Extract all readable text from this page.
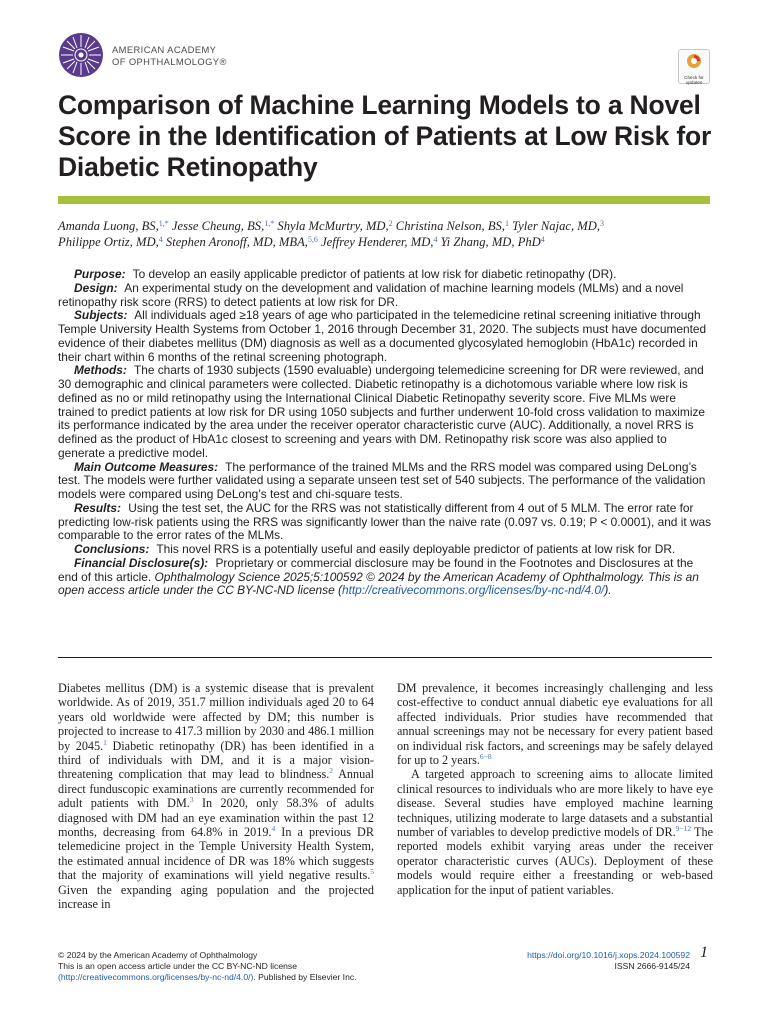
AMERICAN ACADEMY
OF OPHTHALMOLOGY®
Check for updates
Comparison of Machine Learning Models to a Novel Score in the Identification of Patients at Low Risk for Diabetic Retinopathy

Amanda Luong, BS,$^{1,*}$ Jesse Cheung, BS,$^{1,*}$ Shyla McMurtry, MD,$^2$ Christina Nelson, BS,$^1$ Tyler Najac, MD,$^3$
Philippe Ortiz, MD,$^4$ Stephen Aronoff, MD, MBA,$^{5,6}$ Jeffrey Henderer, MD,$^4$ Yi Zhang, MD, PhD$^4$

Purpose: To develop an easily applicable predictor of patients at low risk for diabetic retinopathy (DR).

Design: An experimental study on the development and validation of machine learning models (MLMs) and a novel retinopathy risk score (RRS) to detect patients at low risk for DR.

Subjects: All individuals aged ≥18 years of age who participated in the telemedicine retinal screening initiative through Temple University Health Systems from October 1, 2016 through December 31, 2020. The subjects must have documented evidence of their diabetes mellitus (DM) diagnosis as well as a documented glycosylated hemoglobin (HbA1c) recorded in their chart within 6 months of the retinal screening photograph.

Methods: The charts of 1930 subjects (1590 evaluable) undergoing telemedicine screening for DR were reviewed, and 30 demographic and clinical parameters were collected. Diabetic retinopathy is a dichotomous variable where low risk is defined as no or mild retinopathy using the International Clinical Diabetic Retinopathy severity score. Five MLMs were trained to predict patients at low risk for DR using 1050 subjects and further underwent 10-fold cross validation to maximize its performance indicated by the area under the receiver operator characteristic curve (AUC). Additionally, a novel RRS is defined as the product of HbA1c closest to screening and years with DM. Retinopathy risk score was also applied to generate a predictive model.

Main Outcome Measures: The performance of the trained MLMs and the RRS model was compared using DeLong’s test. The models were further validated using a separate unseen test set of 540 subjects. The performance of the validation models were compared using DeLong’s test and chi-square tests.

Results: Using the test set, the AUC for the RRS was not statistically different from 4 out of 5 MLM. The error rate for predicting low-risk patients using the RRS was significantly lower than the naive rate (0.097 vs. 0.19; P < 0.0001), and it was comparable to the error rates of the MLMs.

Conclusions: This novel RRS is a potentially useful and easily deployable predictor of patients at low risk for DR.

Financial Disclosure(s): Proprietary or commercial disclosure may be found in the Footnotes and Disclosures at the end of this article. Ophthalmology Science 2025;5:100592 © 2024 by the American Academy of Ophthalmology. This is an open access article under the CC BY-NC-ND license (http://creativecommons.org/licenses/by-nc-nd/4.0/).

Diabetes mellitus (DM) is a systemic disease that is prevalent worldwide. As of 2019, 351.7 million individuals aged 20 to 64 years old worldwide were affected by DM; this number is projected to increase to 417.3 million by 2030 and 486.1 million by 2045.$^1$ Diabetic retinopathy (DR) has been identified in a third of individuals with DM, and it is a major vision-threatening complication that may lead to blindness.$^2$ Annual direct funduscopic examinations are currently recommended for adult patients with DM.$^3$ In 2020, only 58.3% of adults diagnosed with DM had an eye examination within the past 12 months, decreasing from 64.8% in 2019.$^4$ In a previous DR telemedicine project in the Temple University Health System, the estimated annual incidence of DR was 18% which suggests that the majority of examinations will yield negative results.$^5$ Given the expanding aging population and the projected increase in

DM prevalence, it becomes increasingly challenging and less cost-effective to conduct annual diabetic eye evaluations for all affected individuals. Prior studies have recommended that annual screenings may not be necessary for every patient based on individual risk factors, and screenings may be safely delayed for up to 2 years.$^{6-8}$

A targeted approach to screening aims to allocate limited clinical resources to individuals who are more likely to have eye disease. Several studies have employed machine learning techniques, utilizing moderate to large datasets and a substantial number of variables to develop predictive models of DR.$^{9-12}$ The reported models exhibit varying areas under the receiver operator characteristic curves (AUCs). Deployment of these models would require either a freestanding or web-based application for the input of patient variables.

© 2024 by the American Academy of Ophthalmology
This is an open access article under the CC BY-NC-ND license
(http://creativecommons.org/licenses/by-nc-nd/4.0/). Published by Elsevier Inc.
https://doi.org/10.1016/j.xops.2024.100592
ISSN 2666-9145/24
1
